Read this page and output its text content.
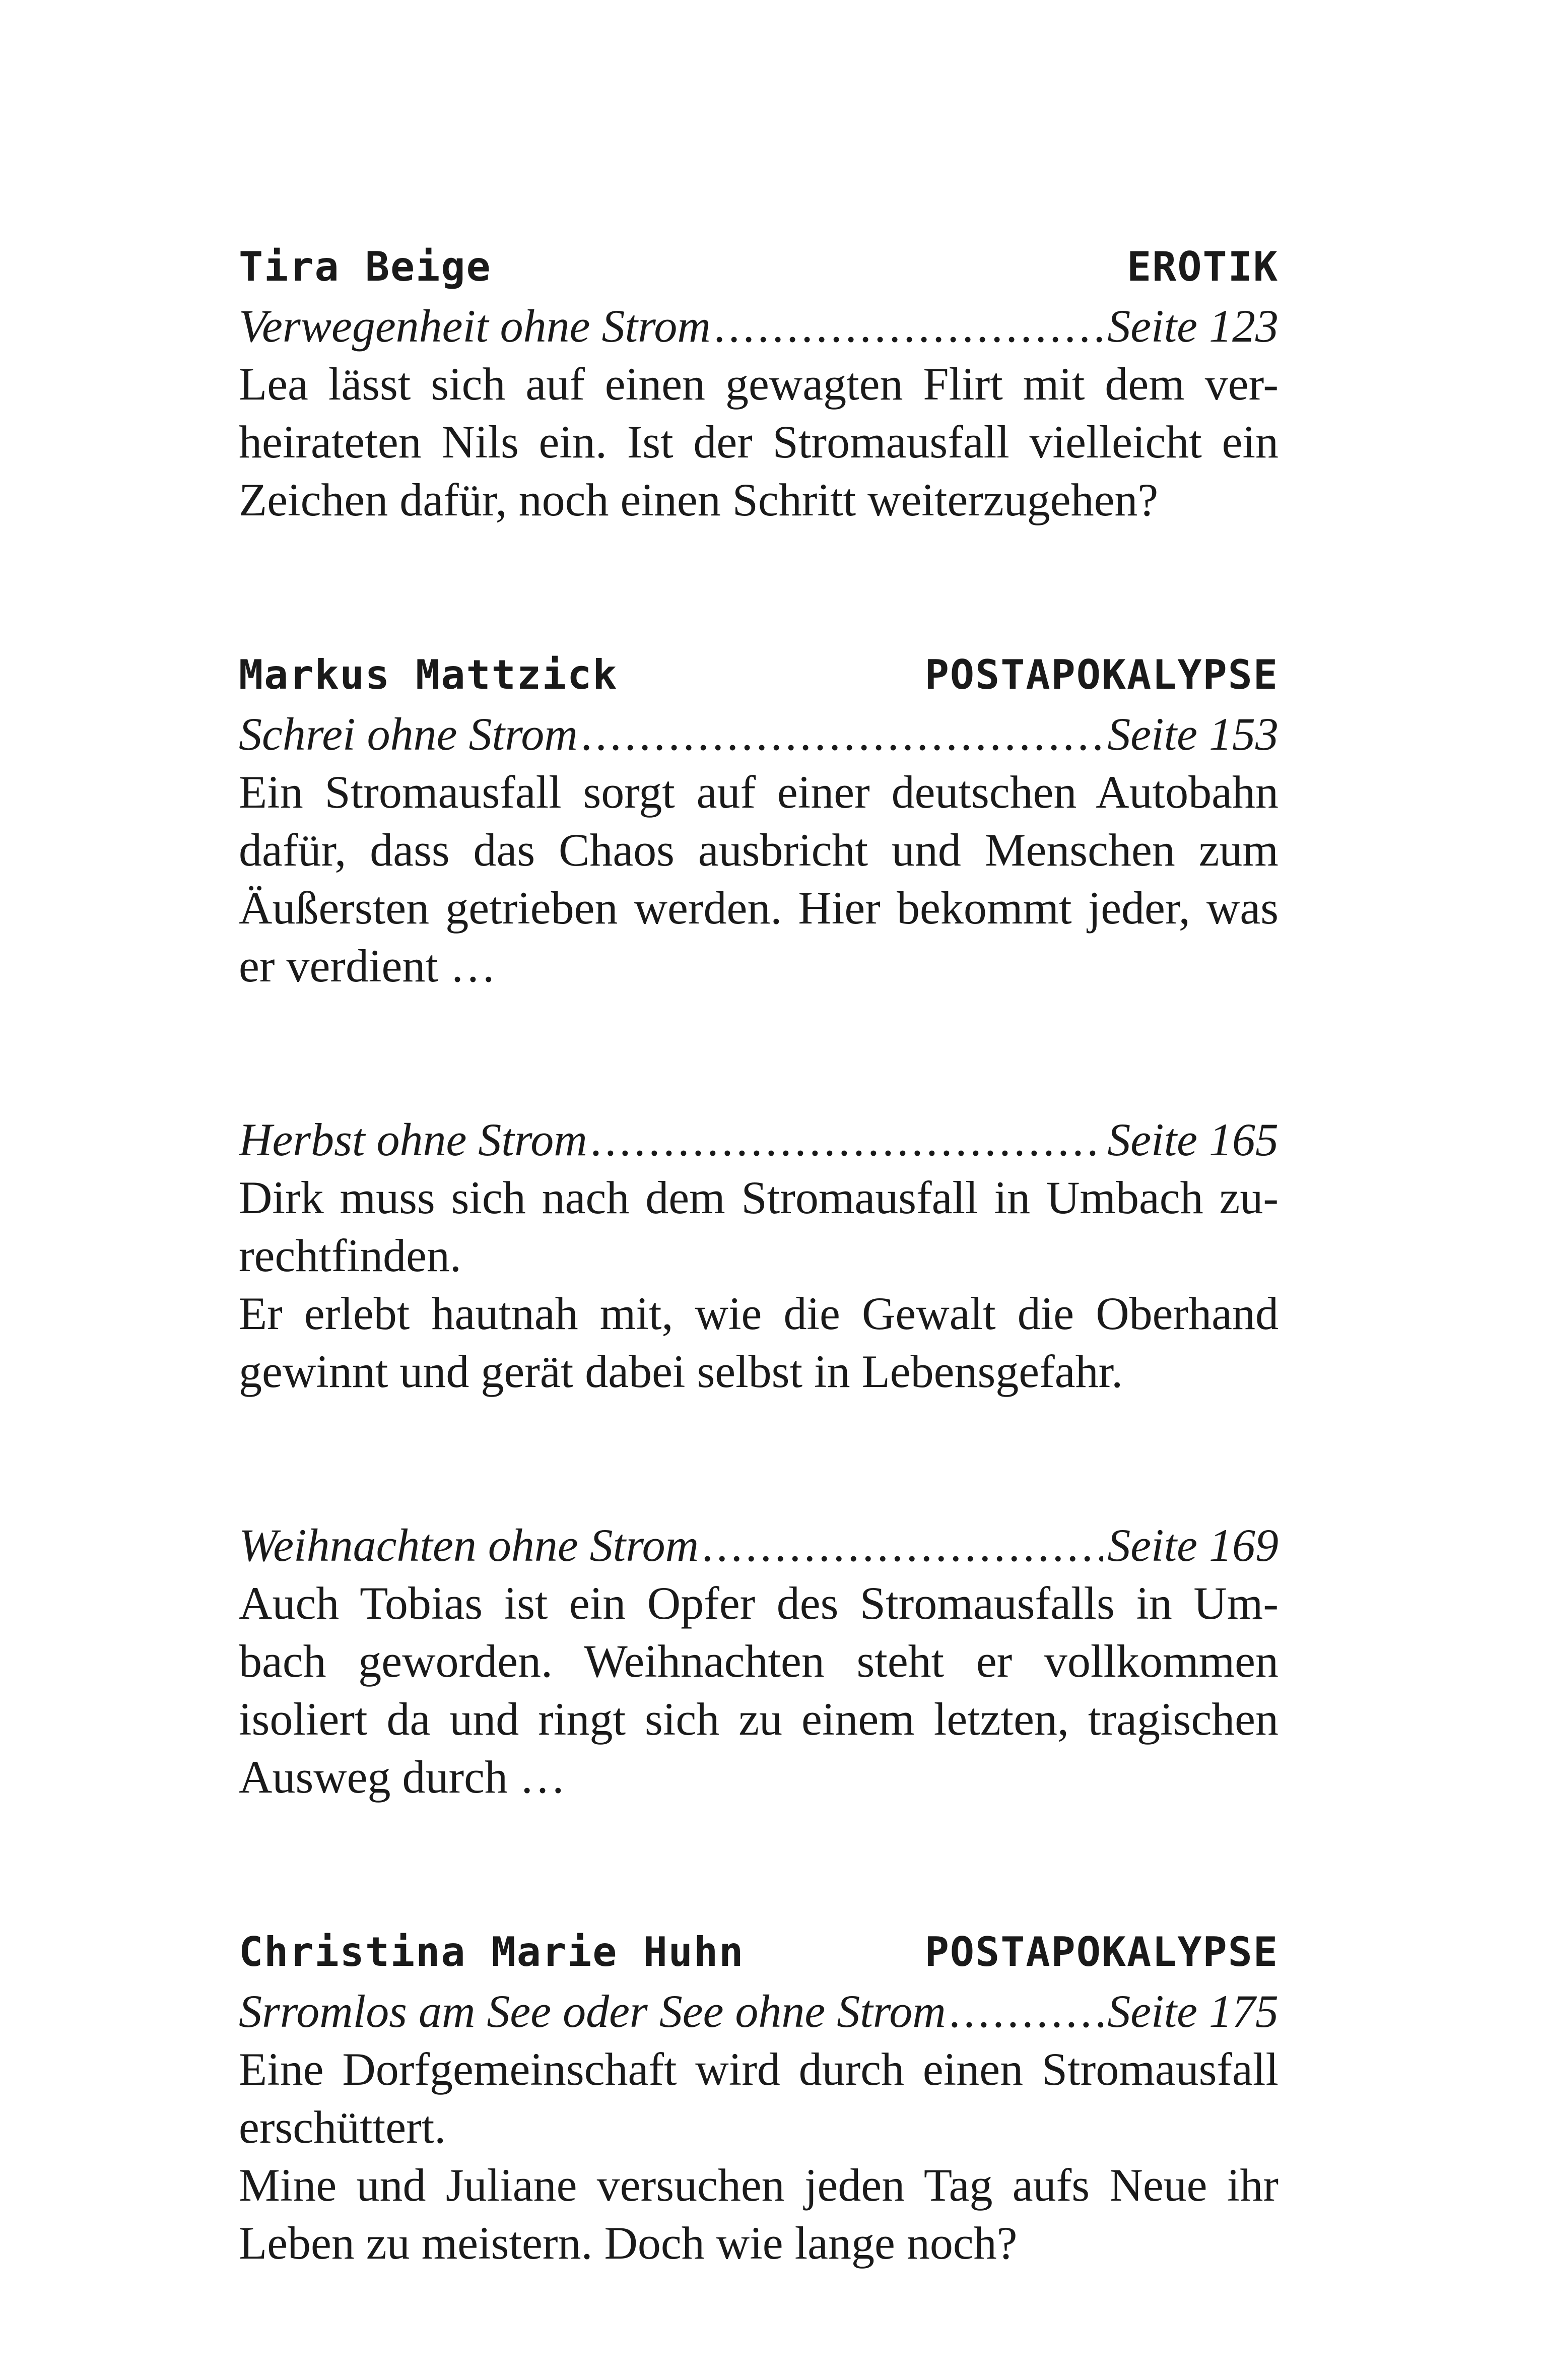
Tira Beige	EROTIK
Verwegenheit ohne Strom .....	Seite 123
Lea lässt sich auf einen gewagten Flirt mit dem ver-
heirateten Nils ein. Ist der Stromausfall vielleicht ein
Zeichen dafür, noch einen Schritt weiterzugehen?
Markus Mattzick	POSTAPOKALYPSE
Schrei ohne Strom .....	Seite 153
Ein Stromausfall sorgt auf einer deutschen Autobahn
dafür, dass das Chaos ausbricht und Menschen zum
Äußersten getrieben werden. Hier bekommt jeder, was
er verdient …
Herbst ohne Strom .....	Seite 165
Dirk muss sich nach dem Stromausfall in Umbach zu-
rechtfinden.
Er erlebt hautnah mit, wie die Gewalt die Oberhand
gewinnt und gerät dabei selbst in Lebensgefahr.
Weihnachten ohne Strom .....	Seite 169
Auch Tobias ist ein Opfer des Stromausfalls in Um-
bach geworden. Weihnachten steht er vollkommen
isoliert da und ringt sich zu einem letzten, tragischen
Ausweg durch …
Christina Marie Huhn	POSTAPOKALYPSE
Srromlos am See oder See ohne Strom .....	Seite 175
Eine Dorfgemeinschaft wird durch einen Stromausfall
erschüttert.
Mine und Juliane versuchen jeden Tag aufs Neue ihr
Leben zu meistern. Doch wie lange noch?
